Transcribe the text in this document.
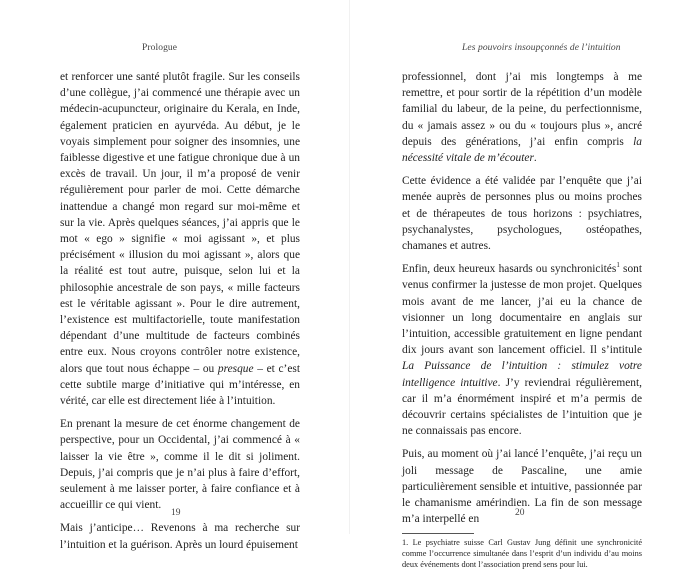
Prologue

et renforcer une santé plutôt fragile. Sur les conseils d’une collègue, j’ai commencé une thérapie avec un médecin-acupuncteur, originaire du Kerala, en Inde, également praticien en ayurvéda. Au début, je le voyais simplement pour soigner des insomnies, une faiblesse digestive et une fatigue chronique due à un excès de travail. Un jour, il m’a proposé de venir régulièrement pour parler de moi. Cette démarche inattendue a changé mon regard sur moi-même et sur la vie. Après quelques séances, j’ai appris que le mot « ego » signifie « moi agissant », et plus précisément « illusion du moi agissant », alors que la réalité est tout autre, puisque, selon lui et la philosophie ancestrale de son pays, « mille facteurs est le véritable agissant ». Pour le dire autrement, l’existence est multifactorielle, toute manifestation dépendant d’une multitude de facteurs combinés entre eux. Nous croyons contrôler notre existence, alors que tout nous échappe – ou presque – et c’est cette subtile marge d’initiative qui m’intéresse, en vérité, car elle est directement liée à l’intuition.

En prenant la mesure de cet énorme changement de perspective, pour un Occidental, j’ai commencé à « laisser la vie être », comme il le dit si joliment. Depuis, j’ai compris que je n’ai plus à faire d’effort, seulement à me laisser porter, à faire confiance et à accueillir ce qui vient.

Mais j’anticipe… Revenons à ma recherche sur l’intuition et la guérison. Après un lourd épuisement

19
Les pouvoirs insoupçonnés de l’intuition

professionnel, dont j’ai mis longtemps à me remettre, et pour sortir de la répétition d’un modèle familial du labeur, de la peine, du perfectionnisme, du « jamais assez » ou du « toujours plus », ancré depuis des générations, j’ai enfin compris la nécessité vitale de m’écouter.

Cette évidence a été validée par l’enquête que j’ai menée auprès de personnes plus ou moins proches et de thérapeutes de tous horizons : psychiatres, psychanalystes, psychologues, ostéopathes, chamanes et autres.

Enfin, deux heureux hasards ou synchronicités$^1$ sont venus confirmer la justesse de mon projet. Quelques mois avant de me lancer, j’ai eu la chance de visionner un long documentaire en anglais sur l’intuition, accessible gratuitement en ligne pendant dix jours avant son lancement officiel. Il s’intitule La Puissance de l’intuition : stimulez votre intelligence intuitive. J’y reviendrai régulièrement, car il m’a énormément inspiré et m’a permis de découvrir certains spécialistes de l’intuition que je ne connaissais pas encore.

Puis, au moment où j’ai lancé l’enquête, j’ai reçu un joli message de Pascaline, une amie particulièrement sensible et intuitive, passionnée par le chamanisme amérindien. La fin de son message m’a interpellé en

1. Le psychiatre suisse Carl Gustav Jung définit une synchronicité comme l’occurrence simultanée dans l’esprit d’un individu d’au moins deux événements dont l’association prend sens pour lui.
20
